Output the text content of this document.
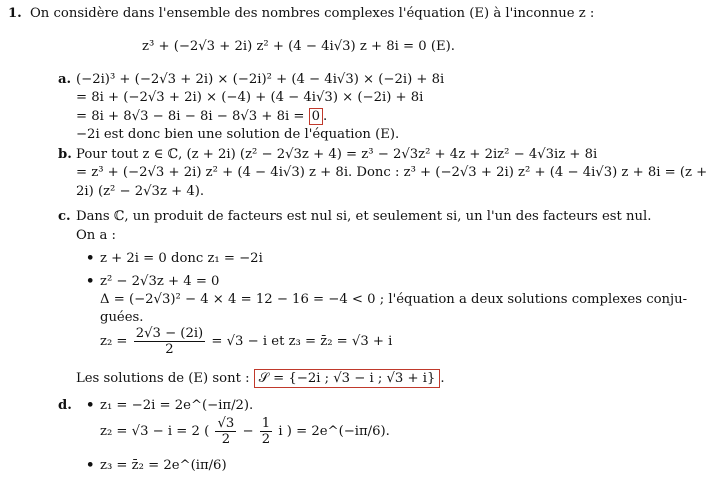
1. On considère dans l'ensemble des nombres complexes l'équation (E) à l'inconnue z :
z³ + (−2√3 + 2i) z² + (4 − 4i√3) z + 8i = 0 (E).
a. (−2i)³ + (−2√3 + 2i) × (−2i)² + (4 − 4i√3) × (−2i) + 8i
= 8i + (−2√3 + 2i) × (−4) + (4 − 4i√3) × (−2i) + 8i
= 8i + 8√3 − 8i − 8i − 8√3 + 8i = 0 .
−2i est donc bien une solution de l'équation (E).
b. Pour tout z ∈ ℂ, (z + 2i) (z² − 2√3z + 4) = z³ − 2√3z² + 4z + 2iz² − 4√3iz + 8i
= z³ + (−2√3 + 2i) z² + (4 − 4i√3) z + 8i. Donc : z³ + (−2√3 + 2i) z² + (4 − 4i√3) z + 8i = (z +
2i) (z² − 2√3z + 4).
c. Dans ℂ, un produit de facteurs est nul si, et seulement si, un l'un des facteurs est nul.
On a :
• z + 2i = 0 donc z₁ = −2i
• z² − 2√3z + 4 = 0
Δ = (−2√3)² − 4 × 4 = 12 − 16 = −4 < 0 ; l'équation a deux solutions complexes conju-
guées.
$z_2 = \frac{2√3 - (2i)}{2} = √3 - i$ et z₃ = z̄₂ = √3 + i
Les solutions de (E) sont : 𝒮 = {−2i ; √3 − i ; √3 + i} .
d. • z₁ = −2i = 2e^(−iπ/2).
z₂ = √3 − i = 2 ( $\frac{√3}{2} - \frac{1}{2}$ i ) = 2e^(−iπ/6).
• z₃ = z̄₂ = 2e^(iπ/6)
